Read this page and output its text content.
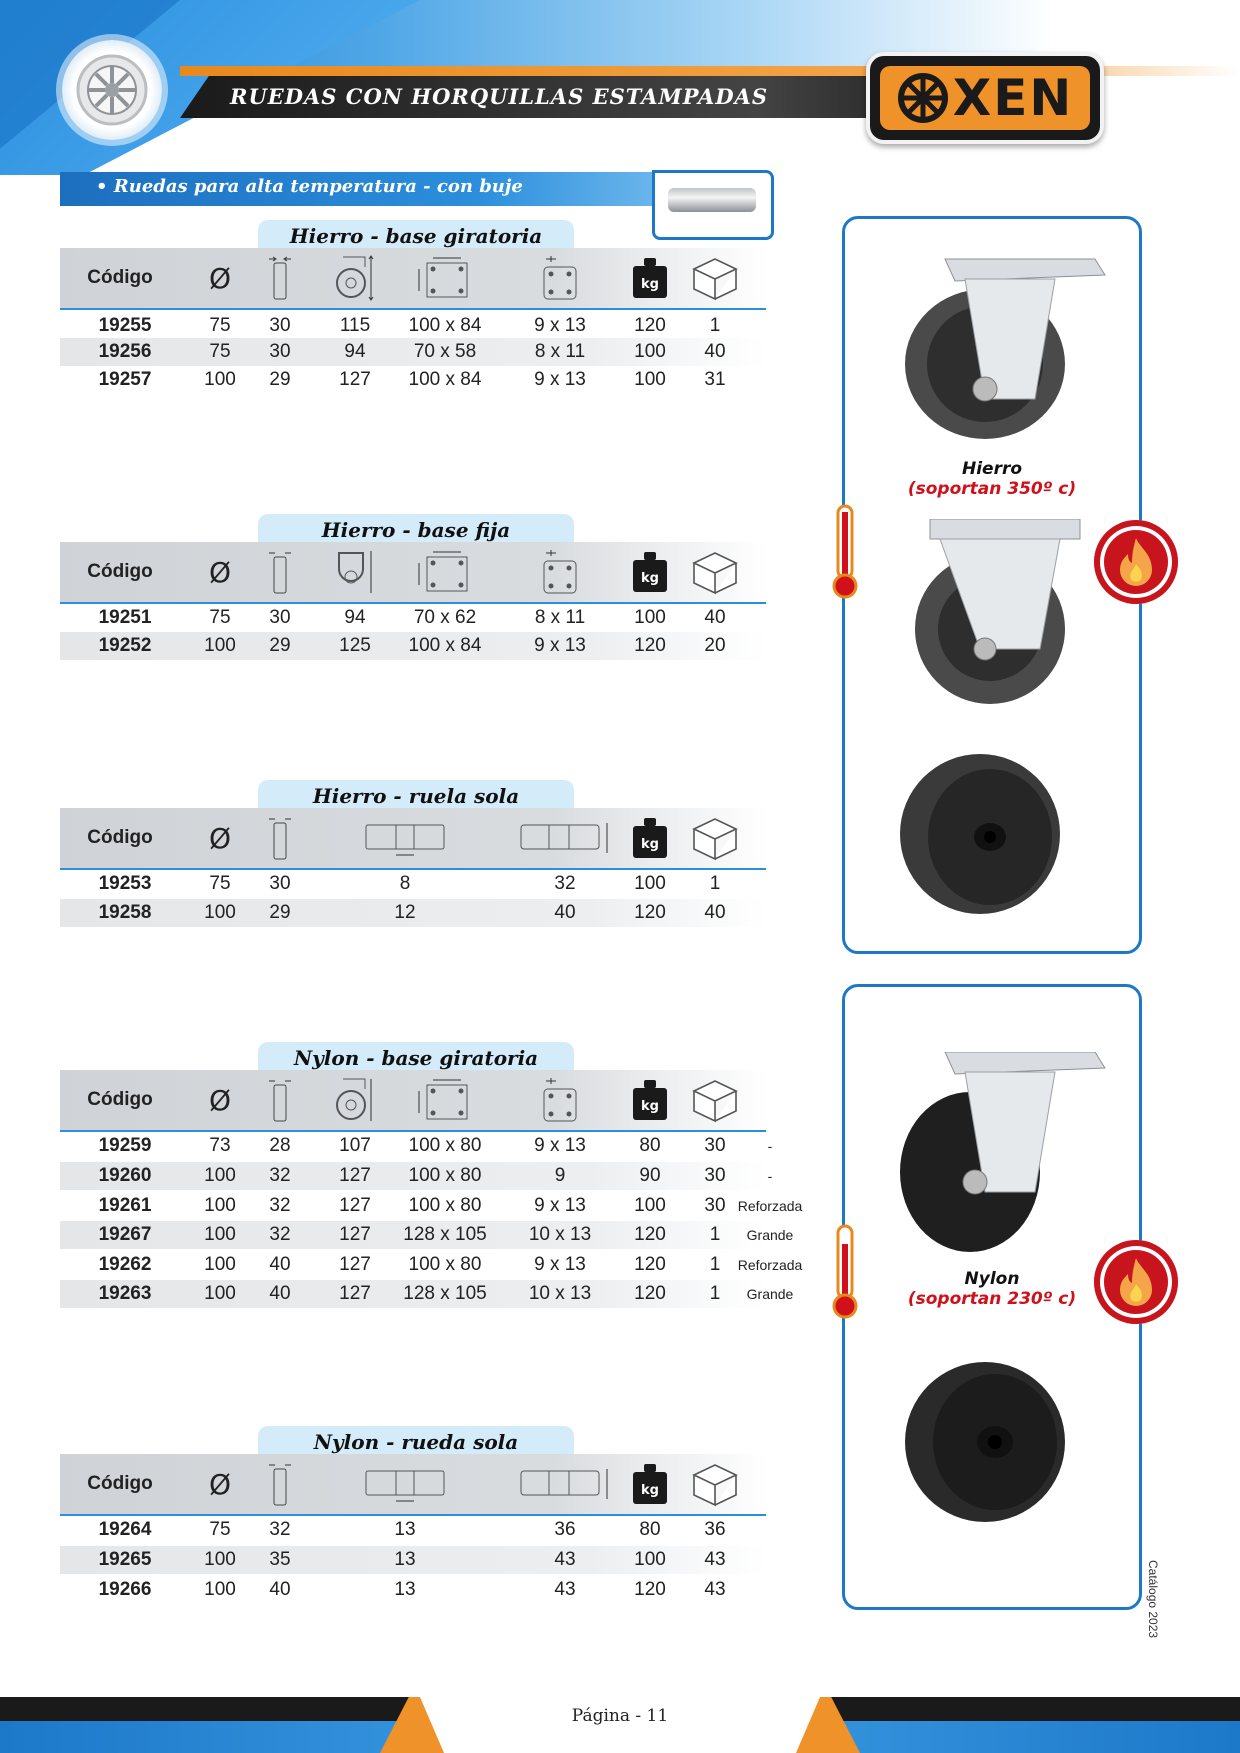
RUEDAS CON HORQUILLAS ESTAMPADAS	XEN
• Ruedas para alta temperatura - con buje
Hierro - base giratoria
Código	Ø	kg
19255	75	30	115	100 x 84	9 x 13	120	1
19256	75	30	94	70 x 58	8 x 11	100	40
19257	100	29	127	100 x 84	9 x 13	100	31
Hierro - base fija
Código	Ø	kg
19251	75	30	94	70 x 62	8 x 11	100	40
19252	100	29	125	100 x 84	9 x 13	120	20
Hierro - ruela sola
Código	Ø	kg
19253	75	30	8	32	100	1
19258	100	29	12	40	120	40
Nylon - base giratoria
Código	Ø	kg
19259	73	28	107	100 x 80	9 x 13	80	30	-
19260	100	32	127	100 x 80	9	90	30	-
19261	100	32	127	100 x 80	9 x 13	100	30 Reforzada
19267	100	32	127	128 x 105	10 x 13	120	1	Grande
19262	100	40	127	100 x 80	9 x 13	120	1	Reforzada
19263	100	40	127	128 x 105	10 x 13	120	1	Grande
Nylon - rueda sola
Código	Ø	kg
19264	75	32	13	36	80	36
19265	100	35	13	43	100	43
19266	100	40	13	43	120	43
Hierro
(soportan 350º c)
Nylon
(soportan 230º c)
Catálogo 2023
Página - 11
